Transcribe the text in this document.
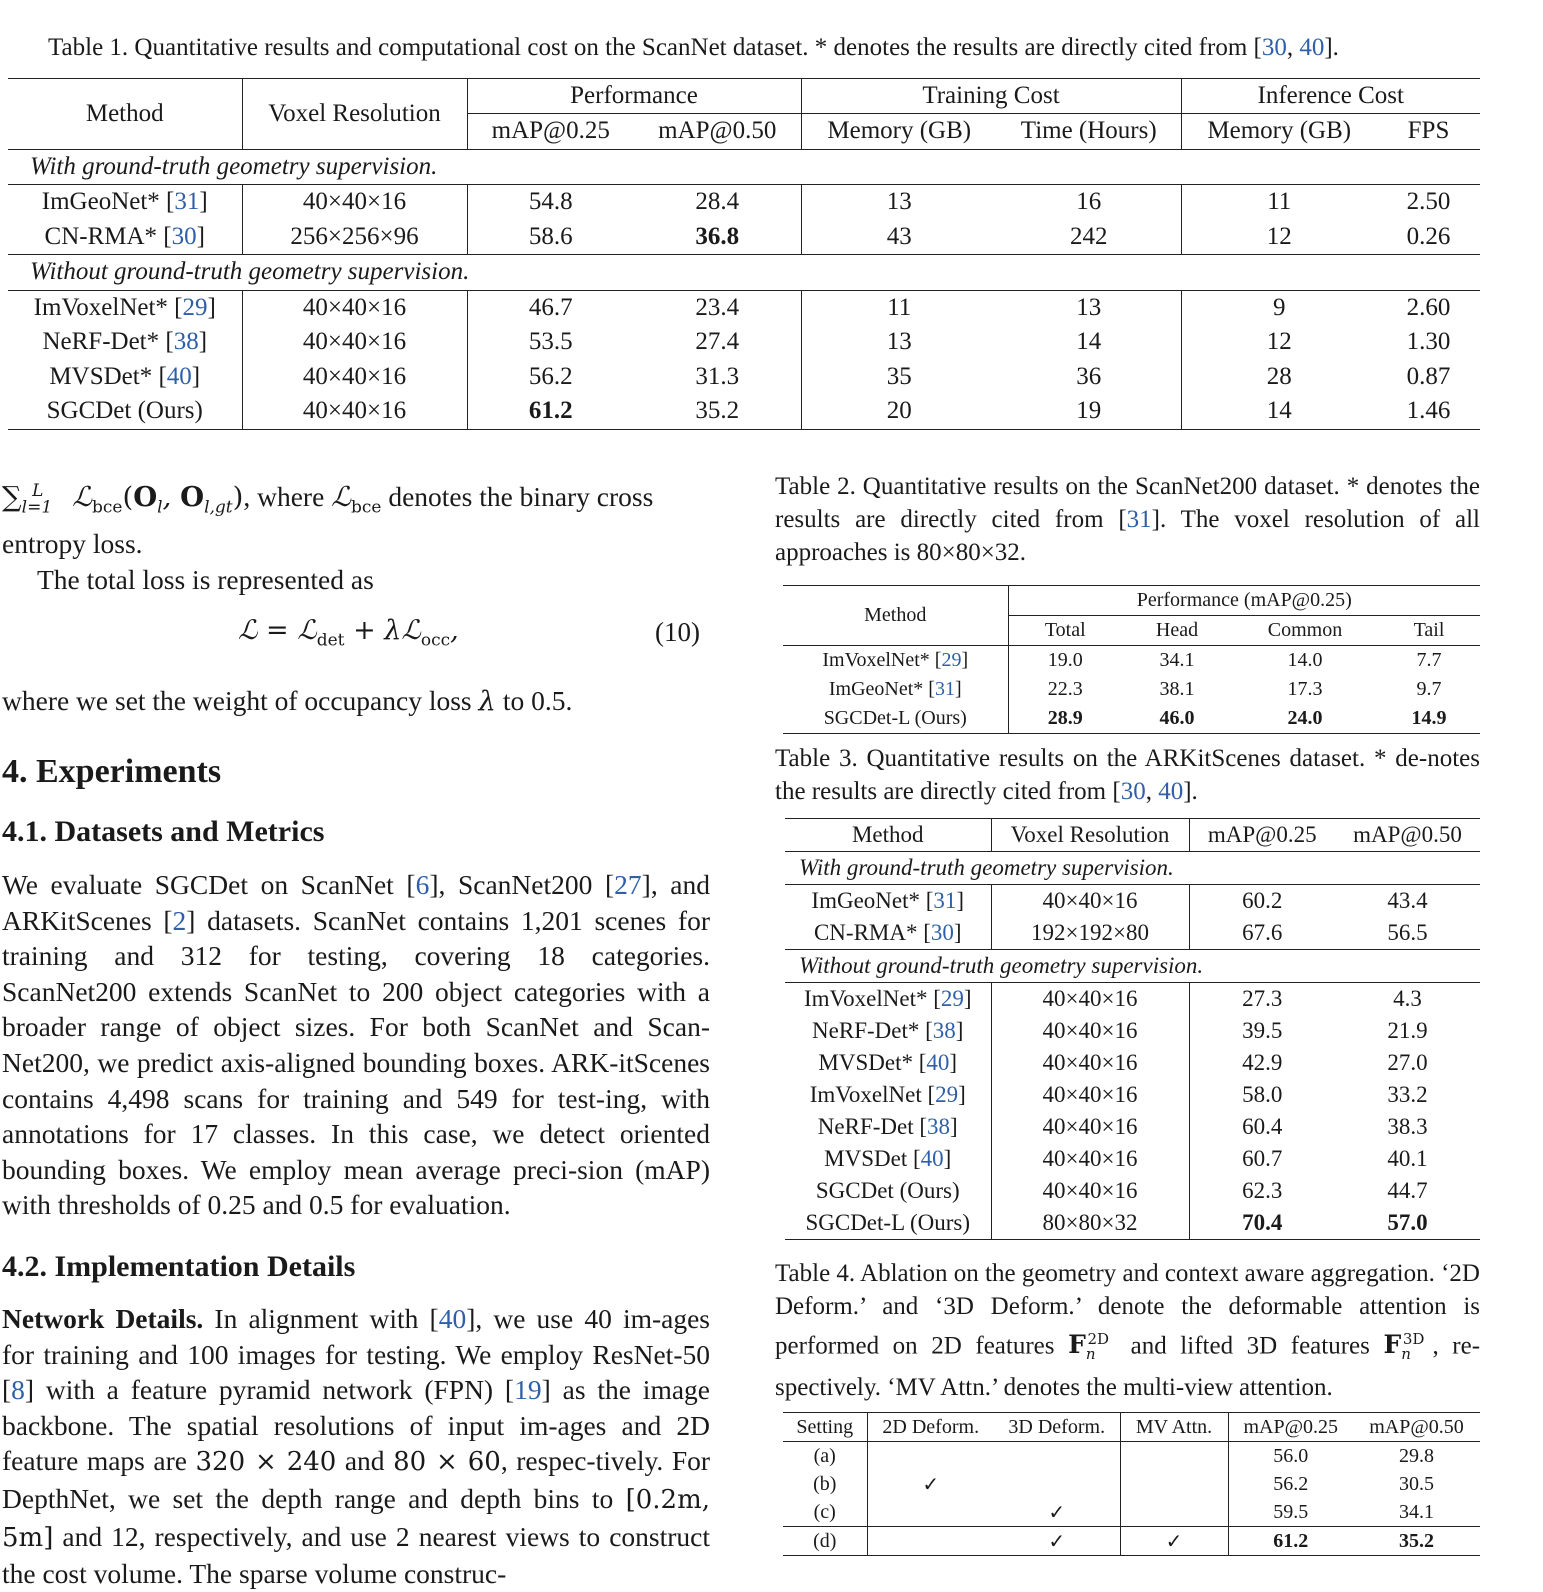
Table 1. Quantitative results and computational cost on the ScanNet dataset. * denotes the results are directly cited from [30, 40].
Method	Voxel Resolution	Performance		Training Cost		Inference Cost	
		mAP@0.25	mAP@0.50	Memory (GB)	Time (Hours)	Memory (GB)	FPS
With ground-truth geometry supervision.							
ImGeoNet* [31]	40×40×16	54.8	28.4	13	16	11	2.50
CN-RMA* [30]	256×256×96	58.6	36.8	43	242	12	0.26
Without ground-truth geometry supervision.							
ImVoxelNet* [29]	40×40×16	46.7	23.4	11	13	9	2.60
NeRF-Det* [38]	40×40×16	53.5	27.4	13	14	12	1.30
MVSDet* [40]	40×40×16	56.2	31.3	35	36	28	0.87
SGCDet (Ours)	40×40×16	61.2	35.2	20	19	14	1.46
$\sum_{l=1}^L$ $ℒ_{bce}(O_l$, $O_{l,gt}$), where ℒ$_{bce}$ denotes the binary cross entropy loss.
The total loss is represented as
ℒ = ℒ$_{det}$ + λℒ$_{occ}$,	(10)
where we set the weight of occupancy loss λ to 0.5.
4. Experiments
4.1. Datasets and Metrics
We evaluate SGCDet on ScanNet [6], ScanNet200 [27], and ARKitScenes [2] datasets. ScanNet contains 1,201 scenes for training and 312 for testing, covering 18 categories. ScanNet200 extends ScanNet to 200 object categories with a broader range of object sizes. For both ScanNet and Scan-Net200, we predict axis-aligned bounding boxes. ARK-itScenes contains 4,498 scans for training and 549 for test-ing, with annotations for 17 classes. In this case, we detect oriented bounding boxes. We employ mean average preci-sion (mAP) with thresholds of 0.25 and 0.5 for evaluation.
4.2. Implementation Details
Network Details. In alignment with [40], we use 40 im-ages for training and 100 images for testing. We employ ResNet-50 [8] with a feature pyramid network (FPN) [19] as the image backbone. The spatial resolutions of input im-ages and 2D feature maps are 320 × 240 and 80 × 60, respec-tively. For DepthNet, we set the depth range and depth bins to [0.2m, 5m] and 12, respectively, and use 2 nearest views to construct the cost volume. The sparse volume construc-
Table 2. Quantitative results on the ScanNet200 dataset. * denotes the results are directly cited from [31]. The voxel resolution of all approaches is 80×80×32.
Method	Performance (mAP@0.25)			
	Total	Head	Common	Tail
ImVoxelNet* [29]	19.0	34.1	14.0	7.7
ImGeoNet* [31]	22.3	38.1	17.3	9.7
SGCDet-L (Ours)	28.9	46.0	24.0	14.9
Table 3. Quantitative results on the ARKitScenes dataset. * de-notes the results are directly cited from [30, 40].
Method	Voxel Resolution	mAP@0.25	mAP@0.50
With ground-truth geometry supervision.			
ImGeoNet* [31]	40×40×16	60.2	43.4
CN-RMA* [30]	192×192×80	67.6	56.5
Without ground-truth geometry supervision.			
ImVoxelNet* [29]	40×40×16	27.3	4.3
NeRF-Det* [38]	40×40×16	39.5	21.9
MVSDet* [40]	40×40×16	42.9	27.0
ImVoxelNet [29]	40×40×16	58.0	33.2
NeRF-Det [38]	40×40×16	60.4	38.3
MVSDet [40]	40×40×16	60.7	40.1
SGCDet (Ours)	40×40×16	62.3	44.7
SGCDet-L (Ours)	80×80×32	70.4	57.0
Table 4. Ablation on the geometry and context aware aggregation. ‘2D Deform.’ and ‘3D Deform.’ denote the deformable attention is performed on 2D features $F_n^{2D}$ and lifted 3D features $F_n^{3D}$ , re-spectively. ‘MV Attn.’ denotes the multi-view attention.
Setting	2D Deform.	3D Deform.	MV Attn.	mAP@0.25	mAP@0.50
(a)				56.0	29.8
(b)	✓			56.2	30.5
(c)		✓		59.5	34.1
(d)		✓	✓	61.2	35.2
